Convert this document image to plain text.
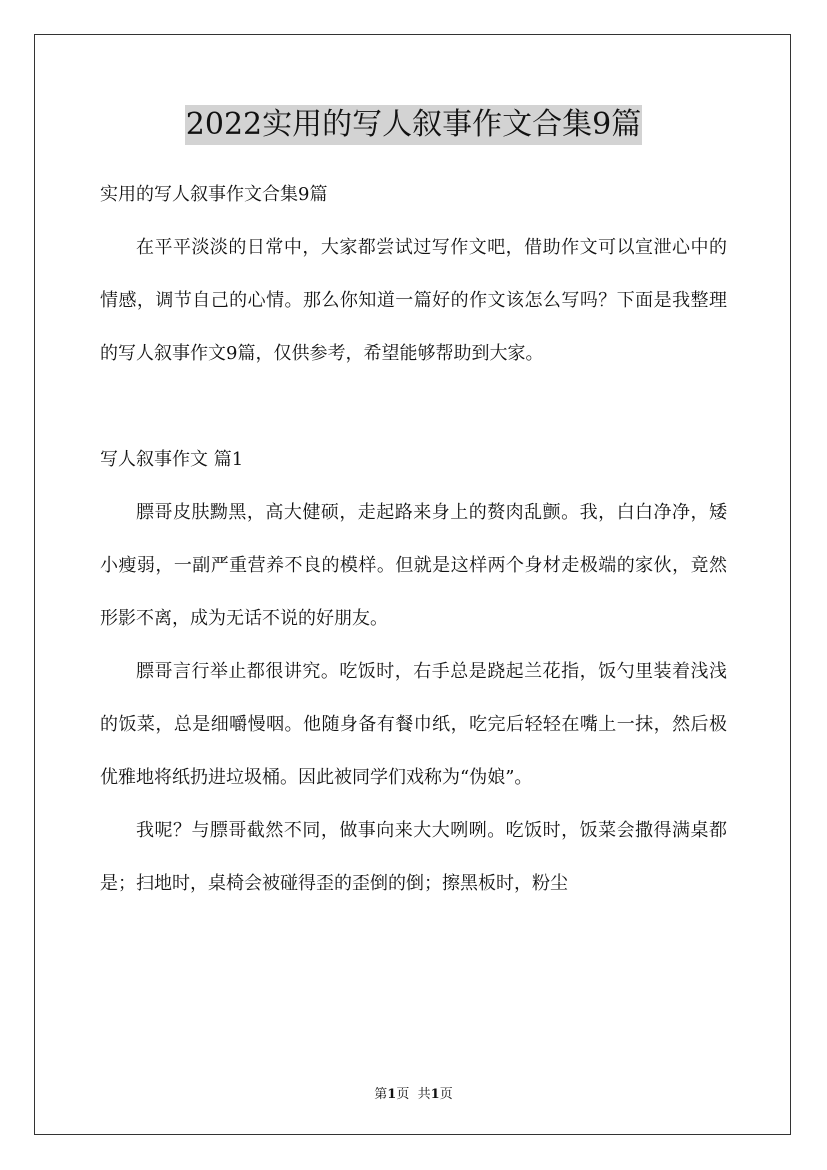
2022实用的写人叙事作文合集9篇

实用的写人叙事作文合集9篇

在平平淡淡的日常中，大家都尝试过写作文吧，借助作文可以宣泄心中的情感，调节自己的心情。那么你知道一篇好的作文该怎么写吗？下面是我整理的写人叙事作文9篇，仅供参考，希望能够帮助到大家。

写人叙事作文 篇1

膘哥皮肤黝黑，高大健硕，走起路来身上的赘肉乱颤。我，白白净净，矮小瘦弱，一副严重营养不良的模样。但就是这样两个身材走极端的家伙，竟然形影不离，成为无话不说的好朋友。

膘哥言行举止都很讲究。吃饭时，右手总是跷起兰花指，饭勺里装着浅浅的饭菜，总是细嚼慢咽。他随身备有餐巾纸，吃完后轻轻在嘴上一抹，然后极优雅地将纸扔进垃圾桶。因此被同学们戏称为“伪娘”。

我呢？与膘哥截然不同，做事向来大大咧咧。吃饭时，饭菜会撒得满桌都是；扫地时，桌椅会被碰得歪的歪倒的倒；擦黑板时，粉尘

第1页 共1页
